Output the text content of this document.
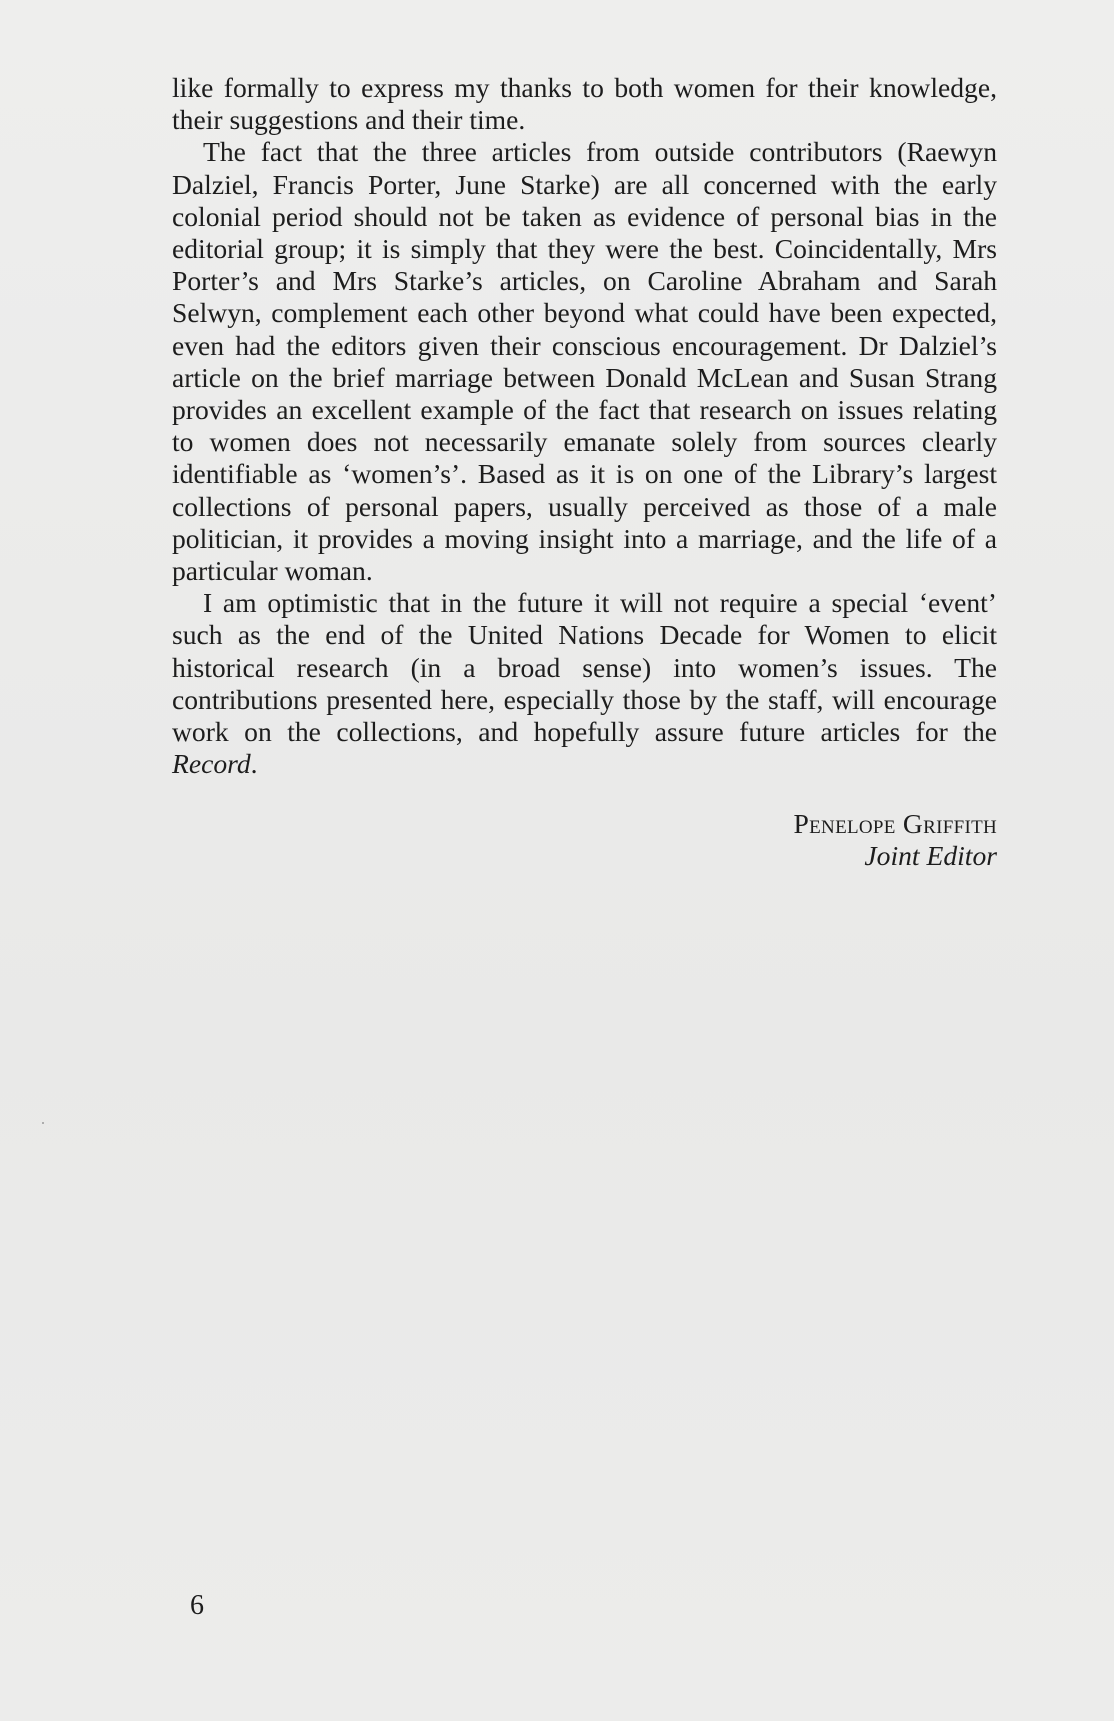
like formally to express my thanks to both women for their knowledge, their suggestions and their time.

The fact that the three articles from outside contributors (Raewyn Dalziel, Francis Porter, June Starke) are all concerned with the early colonial period should not be taken as evidence of personal bias in the editorial group; it is simply that they were the best. Coincidentally, Mrs Porter’s and Mrs Starke’s articles, on Caroline Abraham and Sarah Selwyn, complement each other beyond what could have been expected, even had the editors given their conscious encouragement. Dr Dalziel’s article on the brief marriage between Donald McLean and Susan Strang provides an excellent example of the fact that research on issues relating to women does not necessarily emanate solely from sources clearly identifiable as ‘women’s’. Based as it is on one of the Library’s largest collections of personal papers, usually perceived as those of a male politician, it provides a moving insight into a marriage, and the life of a particular woman.

I am optimistic that in the future it will not require a special ‘event’ such as the end of the United Nations Decade for Women to elicit historical research (in a broad sense) into women’s issues. The contributions presented here, especially those by the staff, will encourage work on the collections, and hopefully assure future articles for the Record.

Penelope Griffith
Joint Editor
6
